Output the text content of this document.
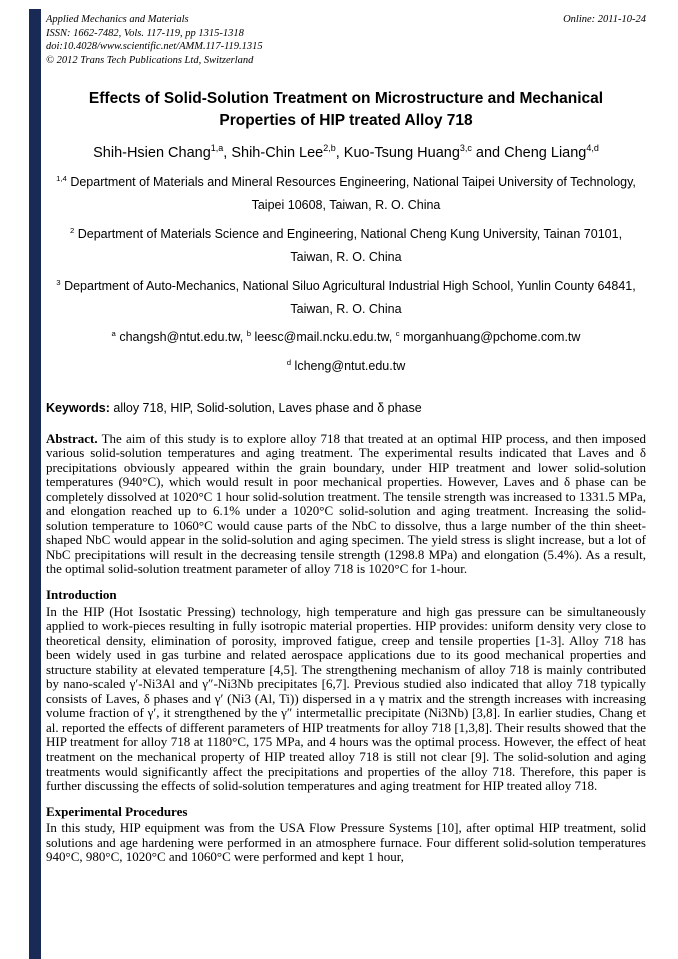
Applied Mechanics and Materials	Online: 2011-10-24
ISSN: 1662-7482, Vols. 117-119, pp 1315-1318
doi:10.4028/www.scientific.net/AMM.117-119.1315
© 2012 Trans Tech Publications Ltd, Switzerland
Effects of Solid-Solution Treatment on Microstructure and Mechanical Properties of HIP treated Alloy 718
Shih-Hsien Chang$^{1,a}$, Shih-Chin Lee$^{2,b}$, Kuo-Tsung Huang$^{3,c}$ and Cheng Liang$^{4,d}$
$^{1,4}$ Department of Materials and Mineral Resources Engineering, National Taipei University of Technology, Taipei 10608, Taiwan, R. O. China
$^2$ Department of Materials Science and Engineering, National Cheng Kung University, Tainan 70101, Taiwan, R. O. China
$^3$ Department of Auto-Mechanics, National Siluo Agricultural Industrial High School, Yunlin County 64841, Taiwan, R. O. China
$^a$ changsh@ntut.edu.tw, $^b$ leesc@mail.ncku.edu.tw, $^c$ morganhuang@pchome.com.tw
$^d$ lcheng@ntut.edu.tw
Keywords: alloy 718, HIP, Solid-solution, Laves phase and δ phase
Abstract. The aim of this study is to explore alloy 718 that treated at an optimal HIP process, and then imposed various solid-solution temperatures and aging treatment. The experimental results indicated that Laves and δ precipitations obviously appeared within the grain boundary, under HIP treatment and lower solid-solution temperatures (940°C), which would result in poor mechanical properties. However, Laves and δ phase can be completely dissolved at 1020°C 1 hour solid-solution treatment. The tensile strength was increased to 1331.5 MPa, and elongation reached up to 6.1% under a 1020°C solid-solution and aging treatment. Increasing the solid-solution temperature to 1060°C would cause parts of the NbC to dissolve, thus a large number of the thin sheet-shaped NbC would appear in the solid-solution and aging specimen. The yield stress is slight increase, but a lot of NbC precipitations will result in the decreasing tensile strength (1298.8 MPa) and elongation (5.4%). As a result, the optimal solid-solution treatment parameter of alloy 718 is 1020°C for 1-hour.
Introduction
In the HIP (Hot Isostatic Pressing) technology, high temperature and high gas pressure can be simultaneously applied to work-pieces resulting in fully isotropic material properties. HIP provides: uniform density very close to theoretical density, elimination of porosity, improved fatigue, creep and tensile properties [1-3]. Alloy 718 has been widely used in gas turbine and related aerospace applications due to its good mechanical properties and structure stability at elevated temperature [4,5]. The strengthening mechanism of alloy 718 is mainly contributed by nano-scaled γ′-Ni3Al and γ″-Ni3Nb precipitates [6,7]. Previous studied also indicated that alloy 718 typically consists of Laves, δ phases and γ′ (Ni3 (Al, Ti)) dispersed in a γ matrix and the strength increases with increasing volume fraction of γ′, it strengthened by the γ″ intermetallic precipitate (Ni3Nb) [3,8]. In earlier studies, Chang et al. reported the effects of different parameters of HIP treatments for alloy 718 [1,3,8]. Their results showed that the HIP treatment for alloy 718 at 1180°C, 175 MPa, and 4 hours was the optimal process. However, the effect of heat treatment on the mechanical property of HIP treated alloy 718 is still not clear [9]. The solid-solution and aging treatments would significantly affect the precipitations and properties of the alloy 718. Therefore, this paper is further discussing the effects of solid-solution temperatures and aging treatment for HIP treated alloy 718.
Experimental Procedures
In this study, HIP equipment was from the USA Flow Pressure Systems [10], after optimal HIP treatment, solid solutions and age hardening were performed in an atmosphere furnace. Four different solid-solution temperatures 940°C, 980°C, 1020°C and 1060°C were performed and kept 1 hour,
